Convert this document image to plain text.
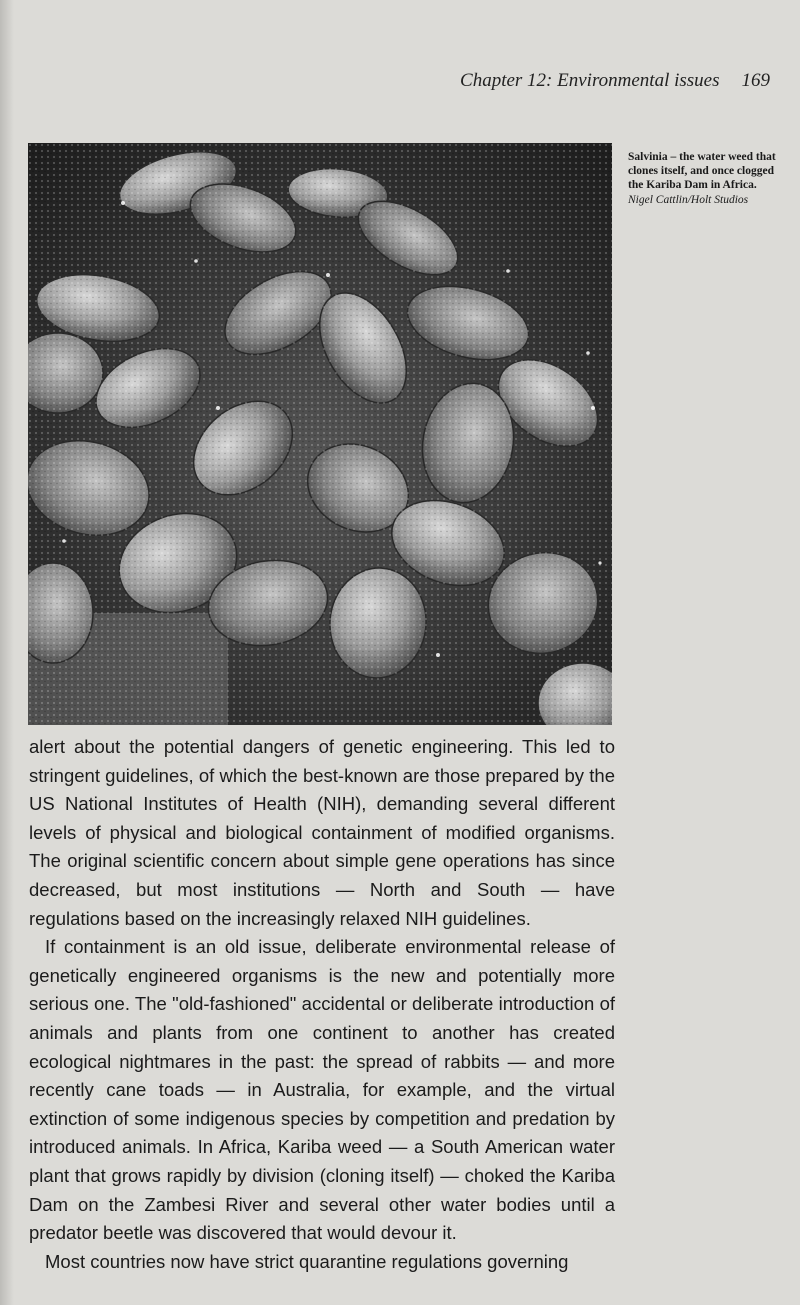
Chapter 12: Environmental issues 169
Salvinia – the water weed that clones itself, and once clogged the Kariba Dam in Africa.
Nigel Cattlin/Holt Studios

alert about the potential dangers of genetic engineering. This led to stringent guidelines, of which the best-known are those prepared by the US National Institutes of Health (NIH), demanding several different levels of physical and biological containment of modified organisms. The original scientific concern about simple gene operations has since decreased, but most institutions — North and South — have regulations based on the increasingly relaxed NIH guidelines.

If containment is an old issue, deliberate environmental release of genetically engineered organisms is the new and potentially more serious one. The "old-fashioned" accidental or deliberate introduction of animals and plants from one continent to another has created ecological nightmares in the past: the spread of rabbits — and more recently cane toads — in Australia, for example, and the virtual extinction of some indigenous species by competition and predation by introduced animals. In Africa, Kariba weed — a South American water plant that grows rapidly by division (cloning itself) — choked the Kariba Dam on the Zambesi River and several other water bodies until a predator beetle was discovered that would devour it.

Most countries now have strict quarantine regulations governing
